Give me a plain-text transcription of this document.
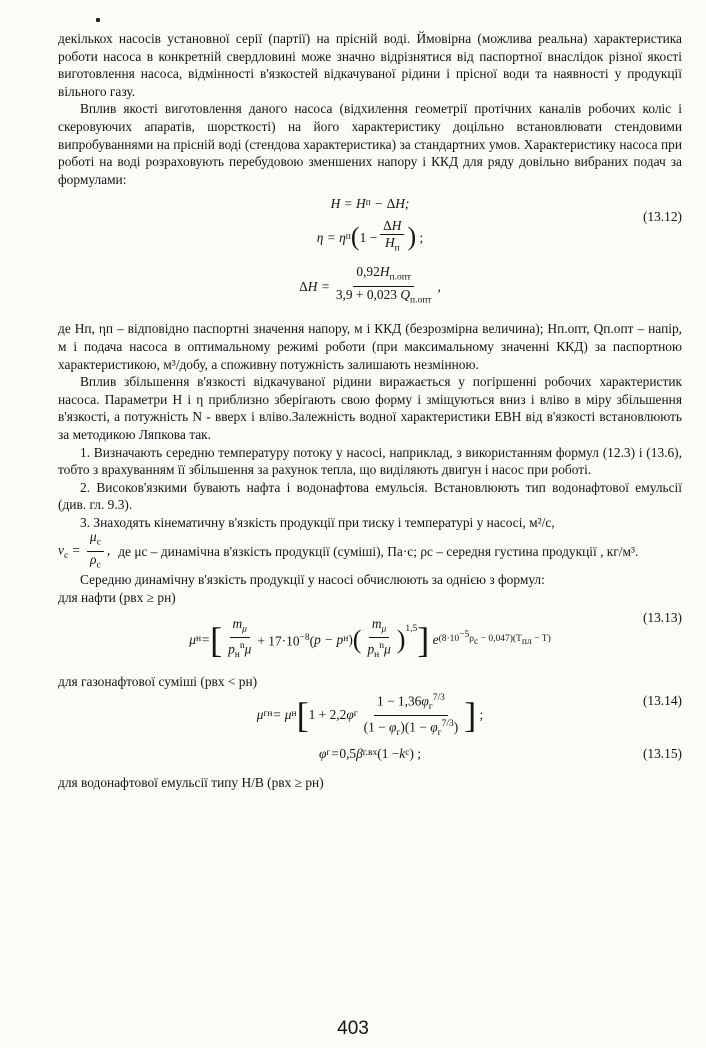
декількох насосів установної серії (партії) на прісній воді. Ймовірна (можлива реальна) характеристика роботи насоса в конкретній свердловині може значно відрізнятися від паспортної внаслідок різної якості виготовлення насоса, відмінності в'язкостей відкачуваної рідини і прісної води та наявності у продукції вільного газу.

Вплив якості виготовлення даного насоса (відхилення геометрії протічних каналів робочих коліс і скеровуючих апаратів, шорсткості) на його характеристику доцільно встановлювати стендовими випробуваннями на прісній воді (стендова характеристика) за стандартних умов. Характеристику насоса при роботі на воді розраховують перебудовою зменшених напору і ККД для ряду довільно вибраних подач за формулами:

H = H п − Δ H;
η = η п ( $1 - \frac{\Delta H}{H_п}$ )
;
(13.12)
Δ $H = \frac{0,92H_{п.опт}}{3,9 + 0,023 Q_{п.опт}}$ ,

де Hп, ηп – відповідно паспортні значення напору, м і ККД (безрозмірна величина); Hп.опт, Qп.опт – напір, м і подача насоса в оптимальному режимі роботи (при максимальному значенні ККД) за паспортною характеристикою, м³/добу, а споживну потужність залишають незмінною.

Вплив збільшення в'язкості відкачуваної рідини виражається у погіршенні робочих характеристик насоса. Параметри H і η приблизно зберігають свою форму і зміщуються вниз і вліво в міру збільшення в'язкості, а потужність N - вверх і вліво.Залежність водної характеристики ЕВН від в'язкості встановлюють за методикою Ляпкова так.

1. Визначають середню температуру потоку у насосі, наприклад, з використанням формул (12.3) і (13.6), тобто з врахуванням її збільшення за рахунок тепла, що виділяють двигун і насос при роботі.

2. Високов'язкими бувають нафта і водонафтова емульсія. Встановлюють тип водонафтової емульсії (див. гл. 9.3).

3. Знаходять кінематичну в'язкість продукції при тиску і температурі у насосі, м²/с,

$\nu_с = \frac{\mu_с}{\rho_с}$ , де μс – динамічна в'язкість продукції (суміші), Па·с; ρс – середня густина продукції , кг/м³.

Середню динамічну в'язкість продукції у насосі обчислюють за однією з формул:

для нафти (pвх ≥ pн)

μ н = [ $\frac{m_\mu}{p_н^n\mu} + 17\cdot 10^{-8}$( p − p н ) ( $\frac{m_\mu}{p_н^n\mu} )^{1,5}$ ] e $(8\cdot 10^{-5}\rho_с - 0,047)(T_{пл} - T)$
(13.13)

для газонафтової суміші (pвх < pн)

μ гн = μ н [ 1 + 2,2 φ г $\frac{1 - 1,36\varphi_г^{7/3}}{(1 - \varphi_г)(1 - \varphi_г^{7/3})}$ ]
;
(13.14)
φ г = 0,5 β г.вх (1 − k с ) ;	(13.15)

для водонафтової емульсії типу Н/В (pвх ≥ pн)

403
